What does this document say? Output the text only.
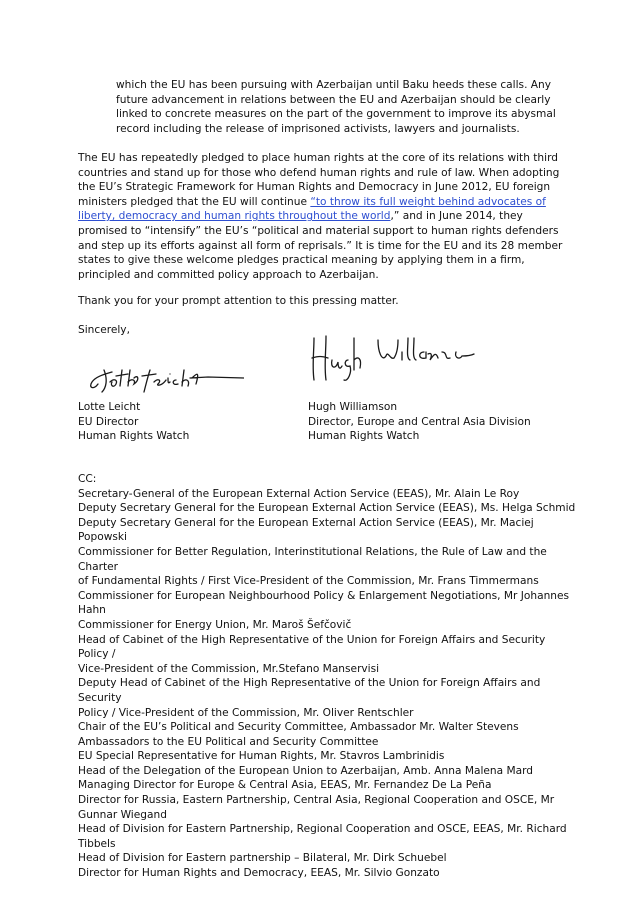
which the EU has been pursuing with Azerbaijan until Baku heeds these calls. Any future advancement in relations between the EU and Azerbaijan should be clearly linked to concrete measures on the part of the government to improve its abysmal record including the release of imprisoned activists, lawyers and journalists.

The EU has repeatedly pledged to place human rights at the core of its relations with third countries and stand up for those who defend human rights and rule of law. When adopting the EU’s Strategic Framework for Human Rights and Democracy in June 2012, EU foreign ministers pledged that the EU will continue “to throw its full weight behind advocates of liberty, democracy and human rights throughout the world,” and in June 2014, they promised to “intensify” the EU’s “political and material support to human rights defenders and step up its efforts against all form of reprisals.” It is time for the EU and its 28 member states to give these welcome pledges practical meaning by applying them in a firm, principled and committed policy approach to Azerbaijan.

Thank you for your prompt attention to this pressing matter.

Sincerely,

Lotte Leicht
EU Director
Human Rights Watch
Hugh Williamson
Director, Europe and Central Asia Division
Human Rights Watch
CC:
Secretary-General of the European External Action Service (EEAS), Mr. Alain Le Roy
Deputy Secretary General for the European External Action Service (EEAS), Ms. Helga Schmid
Deputy Secretary General for the European External Action Service (EEAS), Mr. Maciej Popowski
Commissioner for Better Regulation, Interinstitutional Relations, the Rule of Law and the Charter
of Fundamental Rights / First Vice-President of the Commission, Mr. Frans Timmermans
Commissioner for European Neighbourhood Policy & Enlargement Negotiations, Mr Johannes
Hahn
Commissioner for Energy Union, Mr. Maroš Šefčovič
Head of Cabinet of the High Representative of the Union for Foreign Affairs and Security Policy /
Vice-President of the Commission, Mr.Stefano Manservisi
Deputy Head of Cabinet of the High Representative of the Union for Foreign Affairs and Security
Policy / Vice-President of the Commission, Mr. Oliver Rentschler
Chair of the EU’s Political and Security Committee, Ambassador Mr. Walter Stevens
Ambassadors to the EU Political and Security Committee
EU Special Representative for Human Rights, Mr. Stavros Lambrinidis
Head of the Delegation of the European Union to Azerbaijan, Amb. Anna Malena Mard
Managing Director for Europe & Central Asia, EEAS, Mr. Fernandez De La Peña
Director for Russia, Eastern Partnership, Central Asia, Regional Cooperation and OSCE, Mr
Gunnar Wiegand
Head of Division for Eastern Partnership, Regional Cooperation and OSCE, EEAS, Mr. Richard
Tibbels
Head of Division for Eastern partnership – Bilateral, Mr. Dirk Schuebel
Director for Human Rights and Democracy, EEAS, Mr. Silvio Gonzato
